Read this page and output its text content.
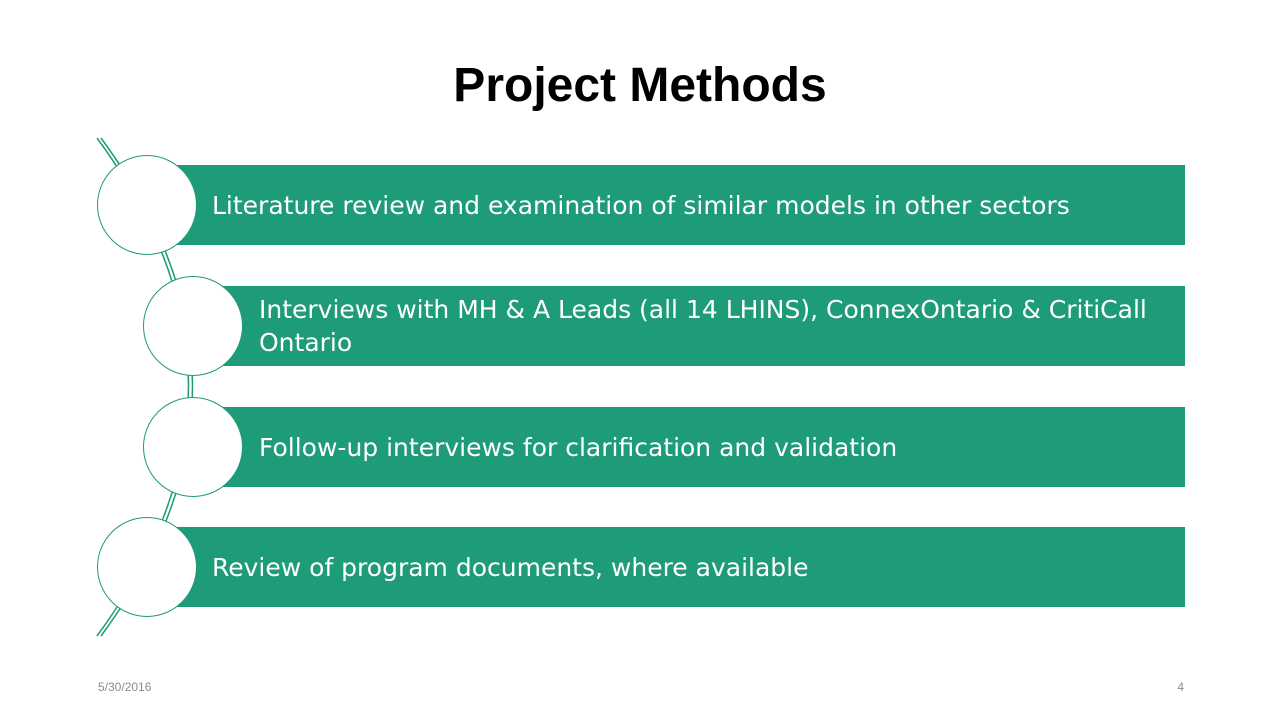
Project Methods
Literature review and examination of similar models in other sectors
Interviews with MH & A Leads (all 14 LHINS), ConnexOntario & CritiCall Ontario
Follow-up interviews for clarification and validation
Review of program documents, where available
5/30/2016	4
